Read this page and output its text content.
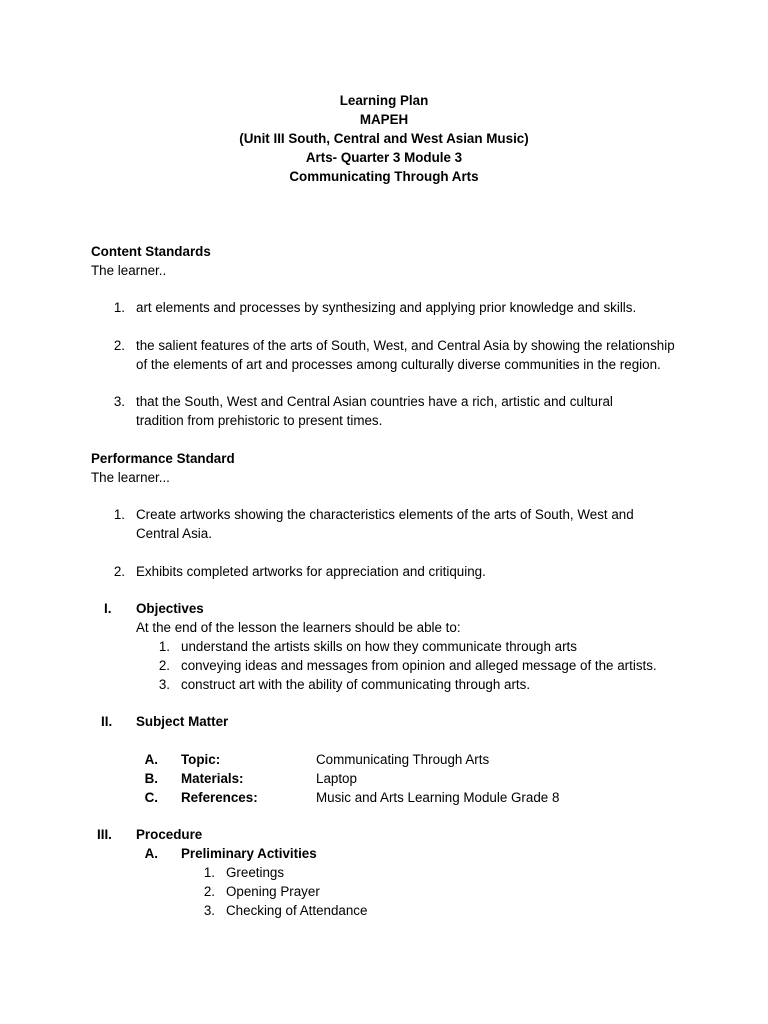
Learning Plan
MAPEH
(Unit III South, Central and West Asian Music)
Arts- Quarter 3 Module 3
Communicating Through Arts
Content Standards
The learner..
1. art elements and processes by synthesizing and applying prior knowledge and skills.
2. the salient features of the arts of South, West, and Central Asia by showing the relationship of the elements of art and processes among culturally diverse communities in the region.
3. that the South, West and Central Asian countries have a rich, artistic and cultural tradition from prehistoric to present times.
Performance Standard
The learner...
1. Create artworks showing the characteristics elements of the arts of South, West and Central Asia.
2. Exhibits completed artworks for appreciation and critiquing.
I. Objectives
At the end of the lesson the learners should be able to:
1. understand the artists skills on how they communicate through arts
2. conveying ideas and messages from opinion and alleged message of the artists.
3. construct art with the ability of communicating through arts.
II. Subject Matter
A. Topic:	Communicating Through Arts
B. Materials:	Laptop
C. References:	Music and Arts Learning Module Grade 8
III. Procedure
A. Preliminary Activities
1. Greetings
2. Opening Prayer
3. Checking of Attendance
